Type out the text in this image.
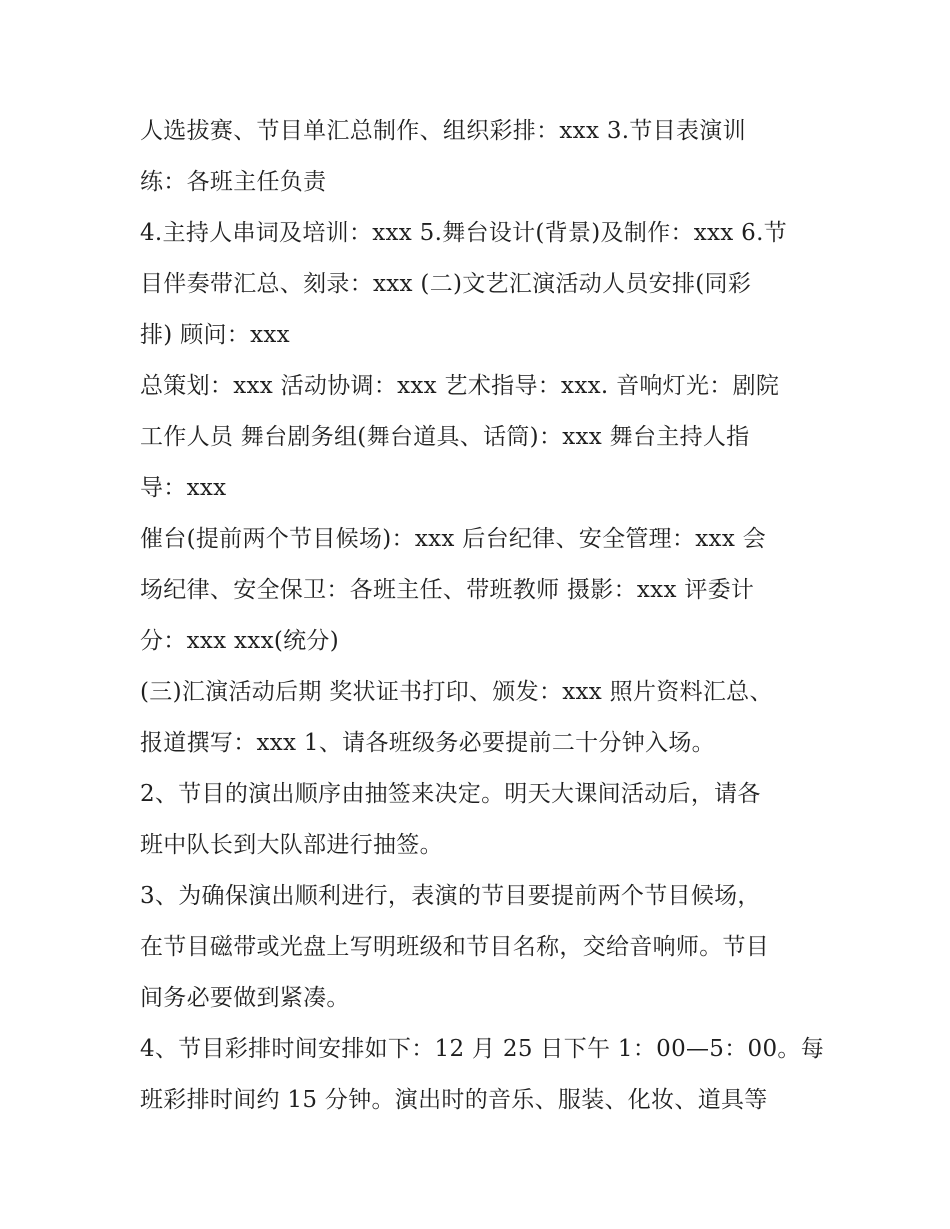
人选拔赛、节目单汇总制作、组织彩排：xxx 3.节目表演训
练：各班主任负责

4.主持人串词及培训：xxx 5.舞台设计(背景)及制作：xxx 6.节
目伴奏带汇总、刻录：xxx (二)文艺汇演活动人员安排(同彩
排) 顾问：xxx

总策划：xxx 活动协调：xxx 艺术指导：xxx. 音响灯光：剧院
工作人员 舞台剧务组(舞台道具、话筒)：xxx 舞台主持人指
导：xxx

催台(提前两个节目候场)：xxx 后台纪律、安全管理：xxx 会
场纪律、安全保卫：各班主任、带班教师 摄影：xxx 评委计
分：xxx xxx(统分)

(三)汇演活动后期 奖状证书打印、颁发：xxx 照片资料汇总、
报道撰写：xxx 1、请各班级务必要提前二十分钟入场。

2、节目的演出顺序由抽签来决定。明天大课间活动后，请各
班中队长到大队部进行抽签。

3、为确保演出顺利进行，表演的节目要提前两个节目候场，
在节目磁带或光盘上写明班级和节目名称，交给音响师。节目
间务必要做到紧凑。

4、节目彩排时间安排如下：12 月 25 日下午 1：00—5：00。每
班彩排时间约 15 分钟。演出时的音乐、服装、化妆、道具等
